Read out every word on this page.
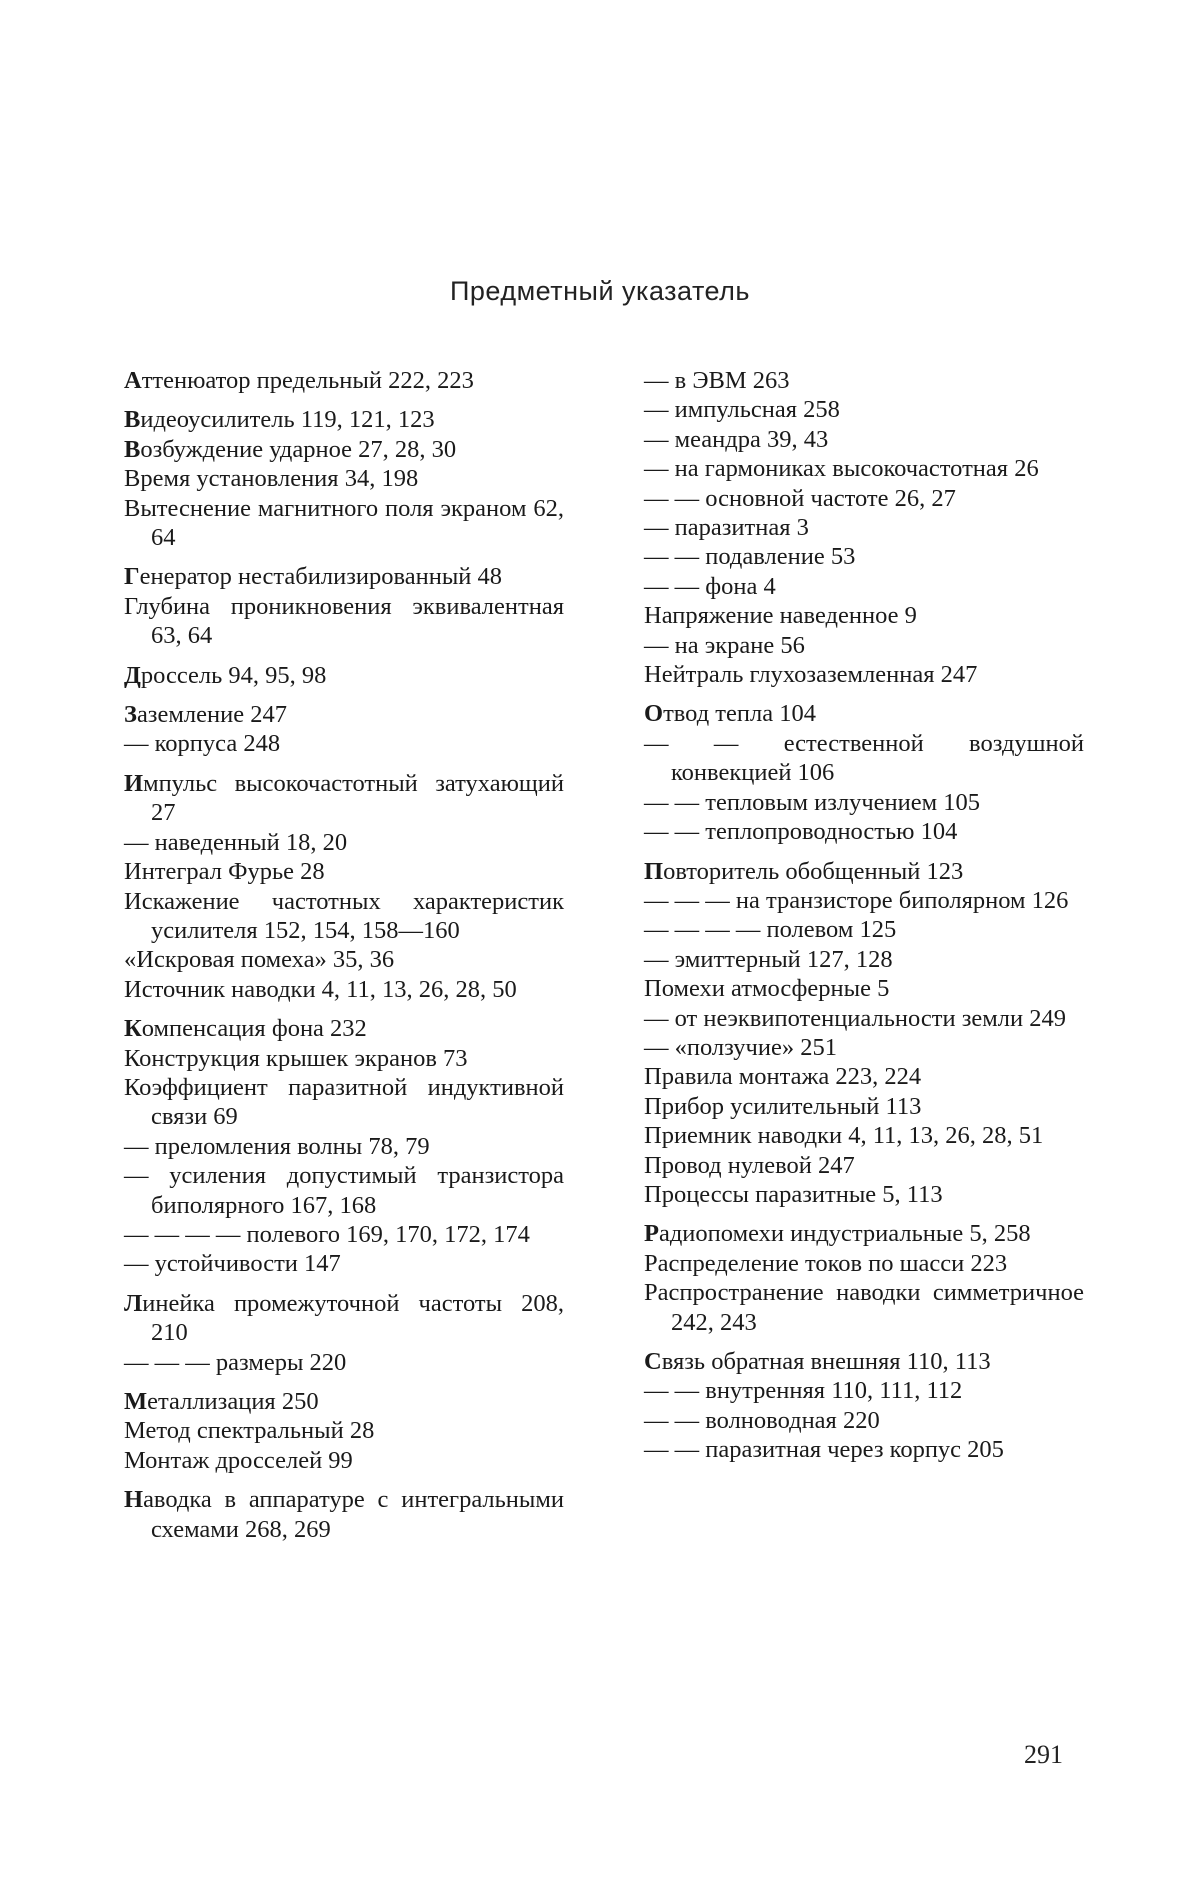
Предметный указатель
Аттенюатор предельный 222, 223
Видеоусилитель 119, 121, 123
Возбуждение ударное 27, 28, 30
Время установления 34, 198
Вытеснение магнитного поля экраном 62, 64
Генератор нестабилизированный 48
Глубина проникновения эквивалентная 63, 64
Дроссель 94, 95, 98
Заземление 247
— корпуса 248
Импульс высокочастотный затухающий 27
— наведенный 18, 20
Интеграл Фурье 28
Искажение частотных характеристик усилителя 152, 154, 158—160
«Искровая помеха» 35, 36
Источник наводки 4, 11, 13, 26, 28, 50
Компенсация фона 232
Конструкция крышек экранов 73
Коэффициент паразитной индуктивной связи 69
— преломления волны 78, 79
— усиления допустимый транзистора биполярного 167, 168
— — — — полевого 169, 170, 172, 174
— устойчивости 147
Линейка промежуточной частоты 208, 210
— — — размеры 220
Металлизация 250
Метод спектральный 28
Монтаж дросселей 99
Наводка в аппаратуре с интегральными схемами 268, 269
— в ЭВМ 263
— импульсная 258
— меандра 39, 43
— на гармониках высокочастотная 26
— — основной частоте 26, 27
— паразитная 3
— — подавление 53
— — фона 4
Напряжение наведенное 9
— на экране 56
Нейтраль глухозаземленная 247
Отвод тепла 104
— — естественной воздушной конвекцией 106
— — тепловым излучением 105
— — теплопроводностью 104
Повторитель обобщенный 123
— — — на транзисторе биполярном 126
— — — — полевом 125
— эмиттерный 127, 128
Помехи атмосферные 5
— от неэквипотенциальности земли 249
— «ползучие» 251
Правила монтажа 223, 224
Прибор усилительный 113
Приемник наводки 4, 11, 13, 26, 28, 51
Провод нулевой 247
Процессы паразитные 5, 113
Радиопомехи индустриальные 5, 258
Распределение токов по шасси 223
Распространение наводки симметричное 242, 243
Связь обратная внешняя 110, 113
— — внутренняя 110, 111, 112
— — волноводная 220
— — паразитная через корпус 205
291
